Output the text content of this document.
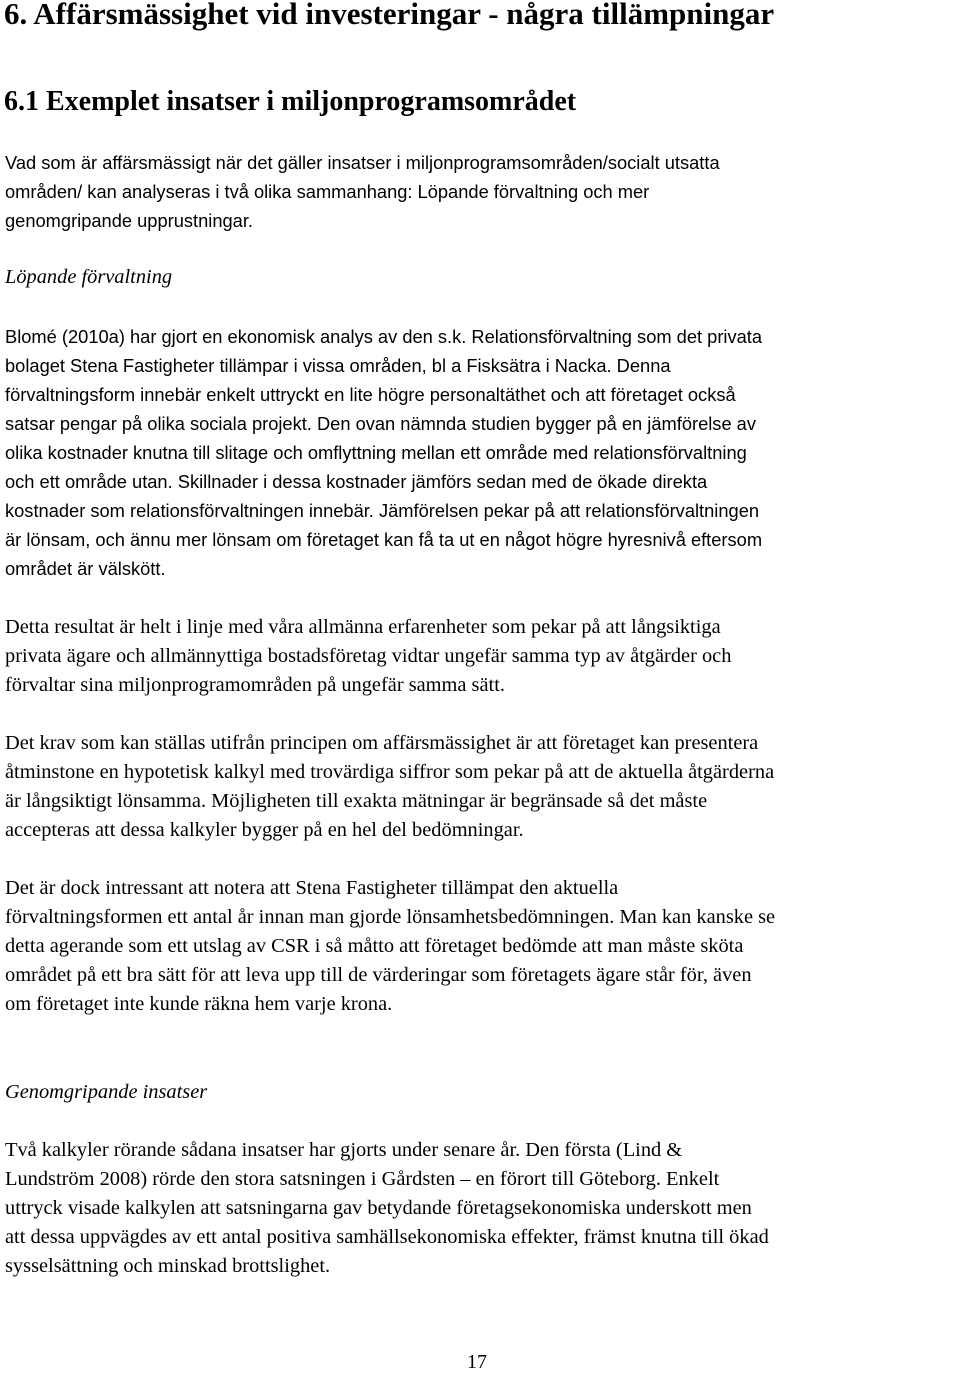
6. Affärsmässighet vid investeringar - några tillämpningar
6.1 Exemplet insatser i miljonprogramsområdet

Vad som är affärsmässigt när det gäller insatser i miljonprogramsområden/socialt utsatta
områden/ kan analyseras i två olika sammanhang: Löpande förvaltning och mer
genomgripande upprustningar.

Löpande förvaltning

Blomé (2010a) har gjort en ekonomisk analys av den s.k. Relationsförvaltning som det privata
bolaget Stena Fastigheter tillämpar i vissa områden, bl a Fisksätra i Nacka. Denna
förvaltningsform innebär enkelt uttryckt en lite högre personaltäthet och att företaget också
satsar pengar på olika sociala projekt. Den ovan nämnda studien bygger på en jämförelse av
olika kostnader knutna till slitage och omflyttning mellan ett område med relationsförvaltning
och ett område utan. Skillnader i dessa kostnader jämförs sedan med de ökade direkta
kostnader som relationsförvaltningen innebär. Jämförelsen pekar på att relationsförvaltningen
är lönsam, och ännu mer lönsam om företaget kan få ta ut en något högre hyresnivå eftersom
området är välskött.

Detta resultat är helt i linje med våra allmänna erfarenheter som pekar på att långsiktiga
privata ägare och allmännyttiga bostadsföretag vidtar ungefär samma typ av åtgärder och
förvaltar sina miljonprogramområden på ungefär samma sätt.

Det krav som kan ställas utifrån principen om affärsmässighet är att företaget kan presentera
åtminstone en hypotetisk kalkyl med trovärdiga siffror som pekar på att de aktuella åtgärderna
är långsiktigt lönsamma. Möjligheten till exakta mätningar är begränsade så det måste
accepteras att dessa kalkyler bygger på en hel del bedömningar.

Det är dock intressant att notera att Stena Fastigheter tillämpat den aktuella
förvaltningsformen ett antal år innan man gjorde lönsamhetsbedömningen. Man kan kanske se
detta agerande som ett utslag av CSR i så måtto att företaget bedömde att man måste sköta
området på ett bra sätt för att leva upp till de värderingar som företagets ägare står för, även
om företaget inte kunde räkna hem varje krona.

Genomgripande insatser

Två kalkyler rörande sådana insatser har gjorts under senare år. Den första (Lind &
Lundström 2008) rörde den stora satsningen i Gårdsten – en förort till Göteborg. Enkelt
uttryck visade kalkylen att satsningarna gav betydande företagsekonomiska underskott men
att dessa uppvägdes av ett antal positiva samhällsekonomiska effekter, främst knutna till ökad
sysselsättning och minskad brottslighet.

17
